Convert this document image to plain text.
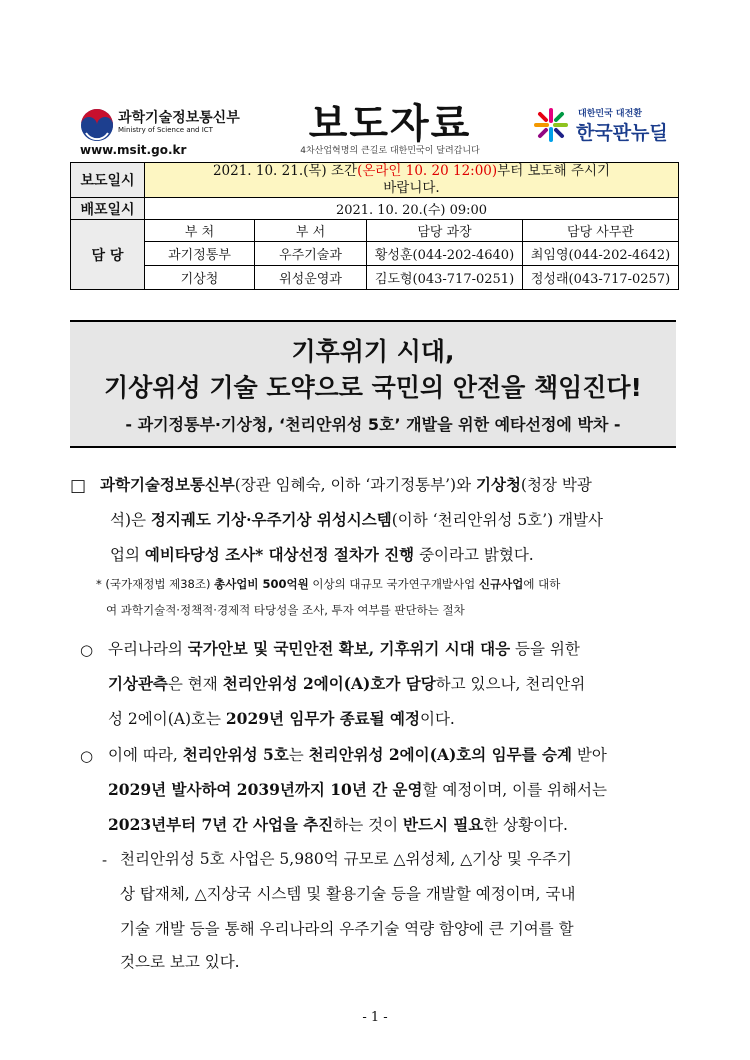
과학기술정보통신부
Ministry of Science and ICT
www.msit.go.kr
보도자료
4차산업혁명의 큰길로 대한민국이 달려갑니다
대한민국 대전환
한국판뉴딜
보도일시	2021. 10. 21.(목) 조간(온라인 10. 20 12:00)부터 보도해 주시기
바랍니다.			
배포일시	2021. 10. 20.(수) 09:00			
담 당	부 처	부 서	담당 과장	담당 사무관
	과기정통부	우주기술과	황성훈(044-202-4640)	최임영(044-202-4642)
	기상청	위성운영과	김도형(043-717-0251)	정성래(043-717-0257)
기후위기 시대,
기상위성 기술 도약으로 국민의 안전을 책임진다!
- 과기정통부·기상청, ‘천리안위성 5호’ 개발을 위한 예타선정에 박차 -
□ 과학기술정보통신부(장관 임혜숙, 이하 ‘과기정통부’)와 기상청(청장 박광
석)은 정지궤도 기상·우주기상 위성시스템(이하 ‘천리안위성 5호’) 개발사
업의 예비타당성 조사* 대상선정 절차가 진행 중이라고 밝혔다.
* (국가재정법 제38조) 총사업비 500억원 이상의 대규모 국가연구개발사업 신규사업에 대하
여 과학기술적·정책적·경제적 타당성을 조사, 투자 여부를 판단하는 절차
○ 우리나라의 국가안보 및 국민안전 확보, 기후위기 시대 대응 등을 위한
기상관측은 현재 천리안위성 2에이(A)호가 담당하고 있으나, 천리안위
성 2에이(A)호는 2029년 임무가 종료될 예정이다.
○ 이에 따라, 천리안위성 5호는 천리안위성 2에이(A)호의 임무를 승계 받아
2029년 발사하여 2039년까지 10년 간 운영할 예정이며, 이를 위해서는
2023년부터 7년 간 사업을 추진하는 것이 반드시 필요한 상황이다.
- 천리안위성 5호 사업은 5,980억 규모로 △위성체, △기상 및 우주기
상 탑재체, △지상국 시스템 및 활용기술 등을 개발할 예정이며, 국내
기술 개발 등을 통해 우리나라의 우주기술 역량 함양에 큰 기여를 할
것으로 보고 있다.
- 1 -
